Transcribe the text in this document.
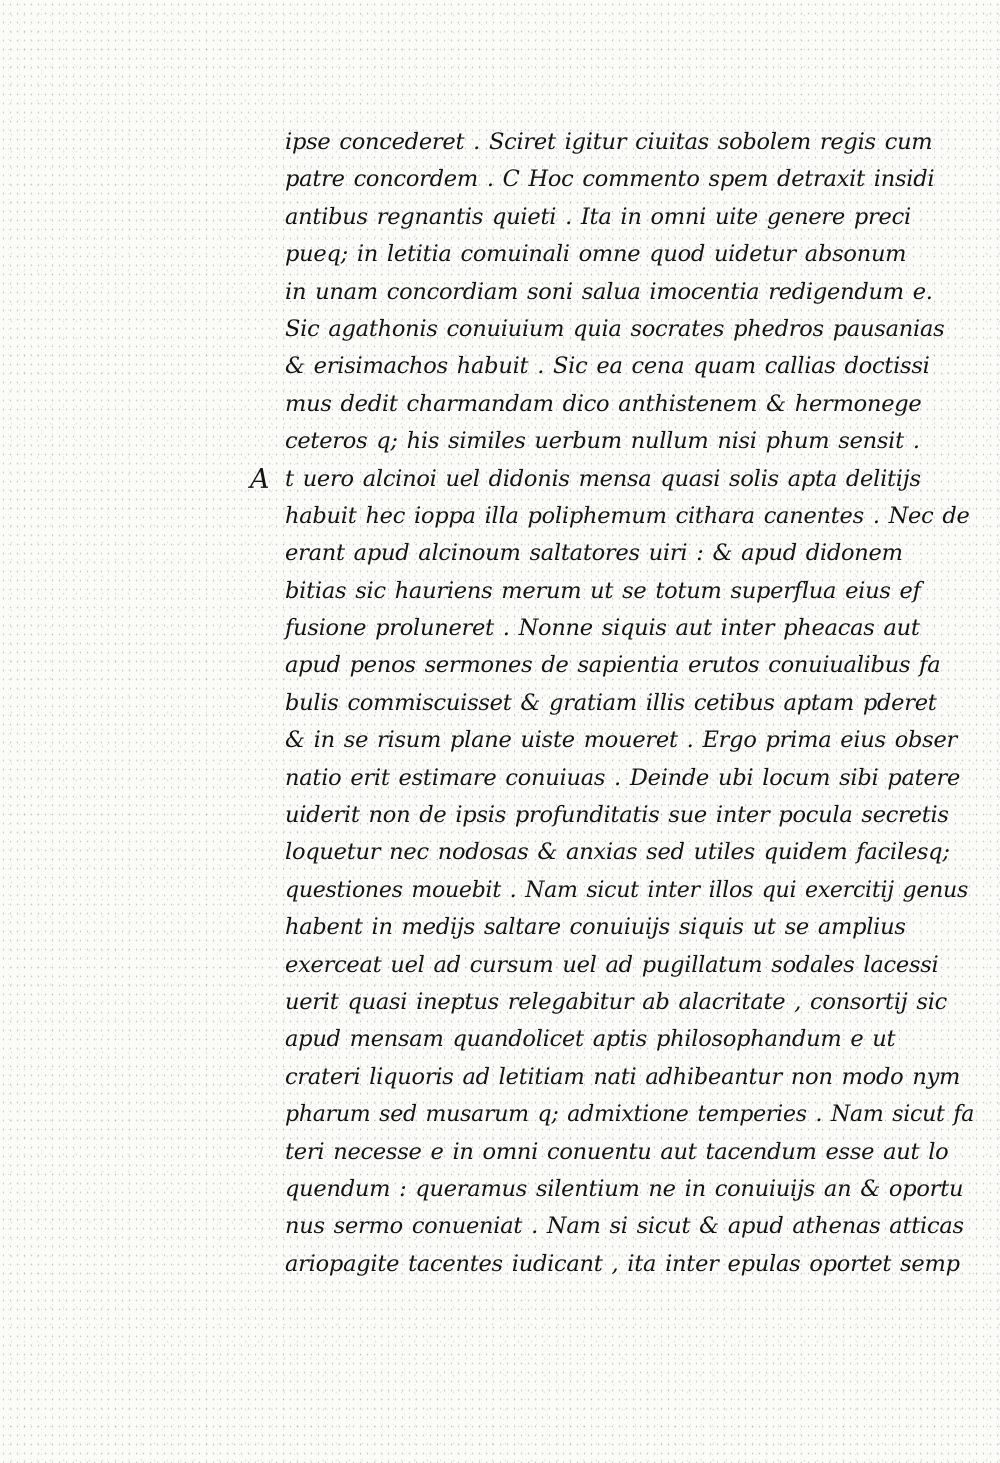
A
ipse concederet . Sciret igitur ciuitas sobolem regis cum
patre concordem . C Hoc commento spem detraxit insidi
antibus regnantis quieti . Ita in omni uite genere preci
pueq; in letitia comuinali omne quod uidetur absonum
in unam concordiam soni salua imocentia redigendum e.
Sic agathonis conuiuium quia socrates phedros pausanias
& erisimachos habuit . Sic ea cena quam callias doctissi
mus dedit charmandam dico anthistenem & hermonege
ceteros q; his similes uerbum nullum nisi phum sensit .
t uero alcinoi uel didonis mensa quasi solis apta delitijs
habuit hec ioppa illa poliphemum cithara canentes . Nec de
erant apud alcinoum saltatores uiri : & apud didonem
bitias sic hauriens merum ut se totum superflua eius ef
fusione proluneret . Nonne siquis aut inter pheacas aut
apud penos sermones de sapientia erutos conuiualibus fa
bulis commiscuisset & gratiam illis cetibus aptam pderet
& in se risum plane uiste moueret . Ergo prima eius obser
natio erit estimare conuiuas . Deinde ubi locum sibi patere
uiderit non de ipsis profunditatis sue inter pocula secretis
loquetur nec nodosas & anxias sed utiles quidem facilesq;
questiones mouebit . Nam sicut inter illos qui exercitij genus
habent in medijs saltare conuiuijs siquis ut se amplius
exerceat uel ad cursum uel ad pugillatum sodales lacessi
uerit quasi ineptus relegabitur ab alacritate , consortij sic
apud mensam quandolicet aptis philosophandum e ut
crateri liquoris ad letitiam nati adhibeantur non modo nym
pharum sed musarum q; admixtione temperies . Nam sicut fa
teri necesse e in omni conuentu aut tacendum esse aut lo
quendum : queramus silentium ne in conuiuijs an & oportu
nus sermo conueniat . Nam si sicut & apud athenas atticas
ariopagite tacentes iudicant , ita inter epulas oportet semp
